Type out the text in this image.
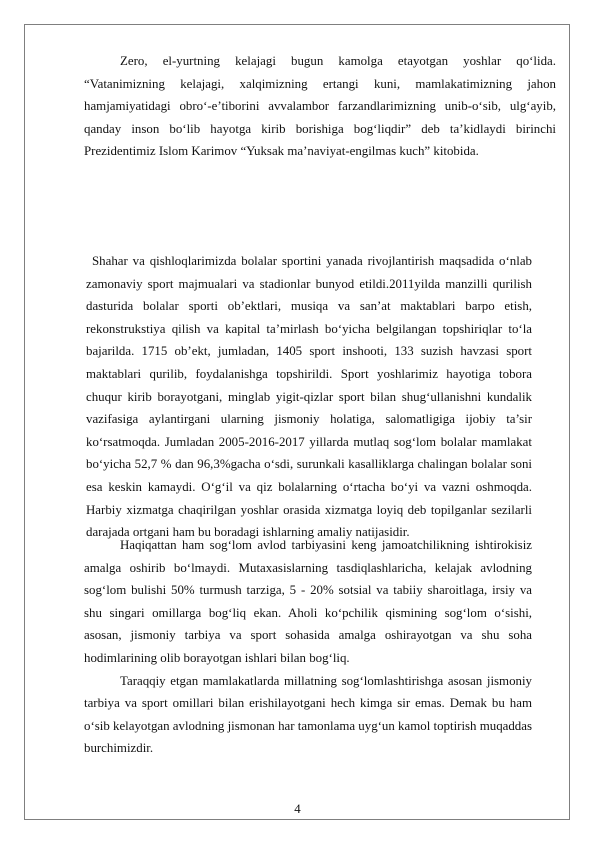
Zero, el-yurtning kelajagi bugun kamolga etayotgan yoshlar qo‘lida. “Vatanimizning kelajagi, xalqimizning ertangi kuni, mamlakatimizning jahon hamjamiyatidagi obro‘-e’tiborini avvalambor farzandlarimizning unib-o‘sib, ulg‘ayib, qanday inson bo‘lib hayotga kirib borishiga bog‘liqdir” deb ta’kidlaydi birinchi Prezidentimiz Islom Karimov “Yuksak ma’naviyat-engilmas kuch” kitobida.

Shahar va qishloqlarimizda bolalar sportini yanada rivojlantirish maqsadida o‘nlab zamonaviy sport majmualari va stadionlar bunyod etildi.2011yilda manzilli qurilish dasturida bolalar sporti ob’ektlari, musiqa va san’at maktablari barpo etish, rekonstrukstiya qilish va kapital ta’mirlash bo‘yicha belgilangan topshiriqlar to‘la bajarilda. 1715 ob’ekt, jumladan, 1405 sport inshooti, 133 suzish havzasi sport maktablari qurilib, foydalanishga topshirildi. Sport yoshlarimiz hayotiga tobora chuqur kirib borayotgani, minglab yigit-qizlar sport bilan shug‘ullanishni kundalik vazifasiga aylantirgani ularning jismoniy holatiga, salomatligiga ijobiy ta’sir ko‘rsatmoqda. Jumladan 2005-2016-2017 yillarda mutlaq sog‘lom bolalar mamlakat bo‘yicha 52,7 % dan 96,3%gacha o‘sdi, surunkali kasalliklarga chalingan bolalar soni esa keskin kamaydi. O‘g‘il va qiz bolalarning o‘rtacha bo‘yi va vazni oshmoqda. Harbiy xizmatga chaqirilgan yoshlar orasida xizmatga loyiq deb topilganlar sezilarli darajada ortgani ham bu boradagi ishlarning amaliy natijasidir.

Haqiqattan ham sog‘lom avlod tarbiyasini keng jamoatchilikning ishtirokisiz amalga oshirib bo‘lmaydi. Mutaxasislarning tasdiqlashlaricha, kelajak avlodning sog‘lom bulishi 50% turmush tarziga, 5 - 20% sotsial va tabiiy sharoitlaga, irsiy va shu singari omillarga bog‘liq ekan. Aholi ko‘pchilik qismining sog‘lom o‘sishi, asosan, jismoniy tarbiya va sport sohasida amalga oshirayotgan va shu soha hodimlarining olib borayotgan ishlari bilan bog‘liq.

Taraqqiy etgan mamlakatlarda millatning sog‘lomlashtirishga asosan jismoniy tarbiya va sport omillari bilan erishilayotgani hech kimga sir emas. Demak bu ham o‘sib kelayotgan avlodning jismonan har tamonlama uyg‘un kamol toptirish muqaddas burchimizdir.

4
